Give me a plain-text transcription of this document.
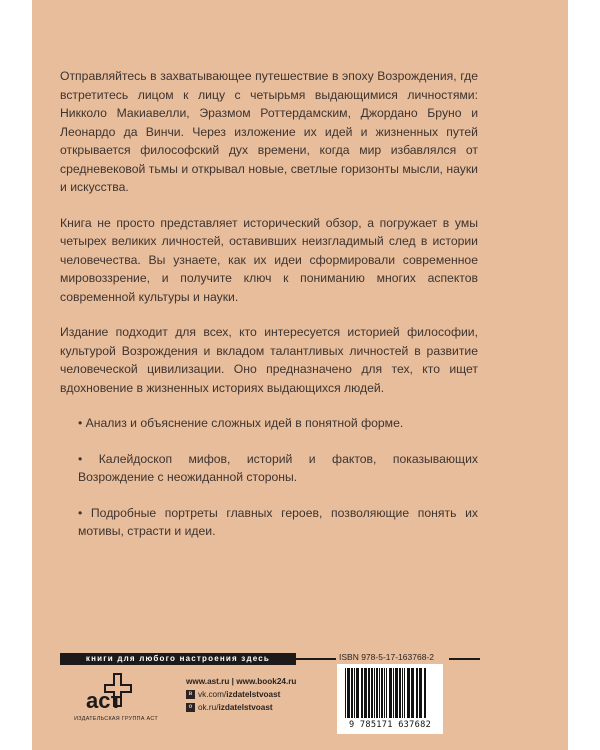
Отправляйтесь в захватывающее путешествие в эпоху Возрождения, где встретитесь лицом к лицу с четырьмя выдающимися личностями: Никколо Макиавелли, Эразмом Роттердамским, Джордано Бруно и Леонардо да Винчи. Через изложение их идей и жизненных путей открывается философский дух времени, когда мир избавлялся от средневековой тьмы и открывал новые, светлые горизонты мысли, науки и искусства.

Книга не просто представляет исторический обзор, а погружает в умы четырех великих личностей, оставивших неизгладимый след в истории человечества. Вы узнаете, как их идеи сформировали современное мировоззрение, и получите ключ к пониманию многих аспектов современной культуры и науки.

Издание подходит для всех, кто интересуется историей философии, культурой Возрождения и вкладом талантливых личностей в развитие человеческой цивилизации. Оно предназначено для тех, кто ищет вдохновение в жизненных историях выдающихся людей.

• Анализ и объяснение сложных идей в понятной форме.

• Калейдоскоп мифов, историй и фактов, показывающих Возрождение с неожиданной стороны.

• Подробные портреты главных героев, позволяющие понять их мотивы, страсти и идеи.

книги для любого настроения здесь	ISBN 978-5-17-163768-2
аст
ИЗДАТЕЛЬСКАЯ ГРУППА АСТ
www.ast.ru | www.book24.ru
в vk.com/ izdatelstvoast
о ok.ru/ izdatelstvoast
9 785171 637682
